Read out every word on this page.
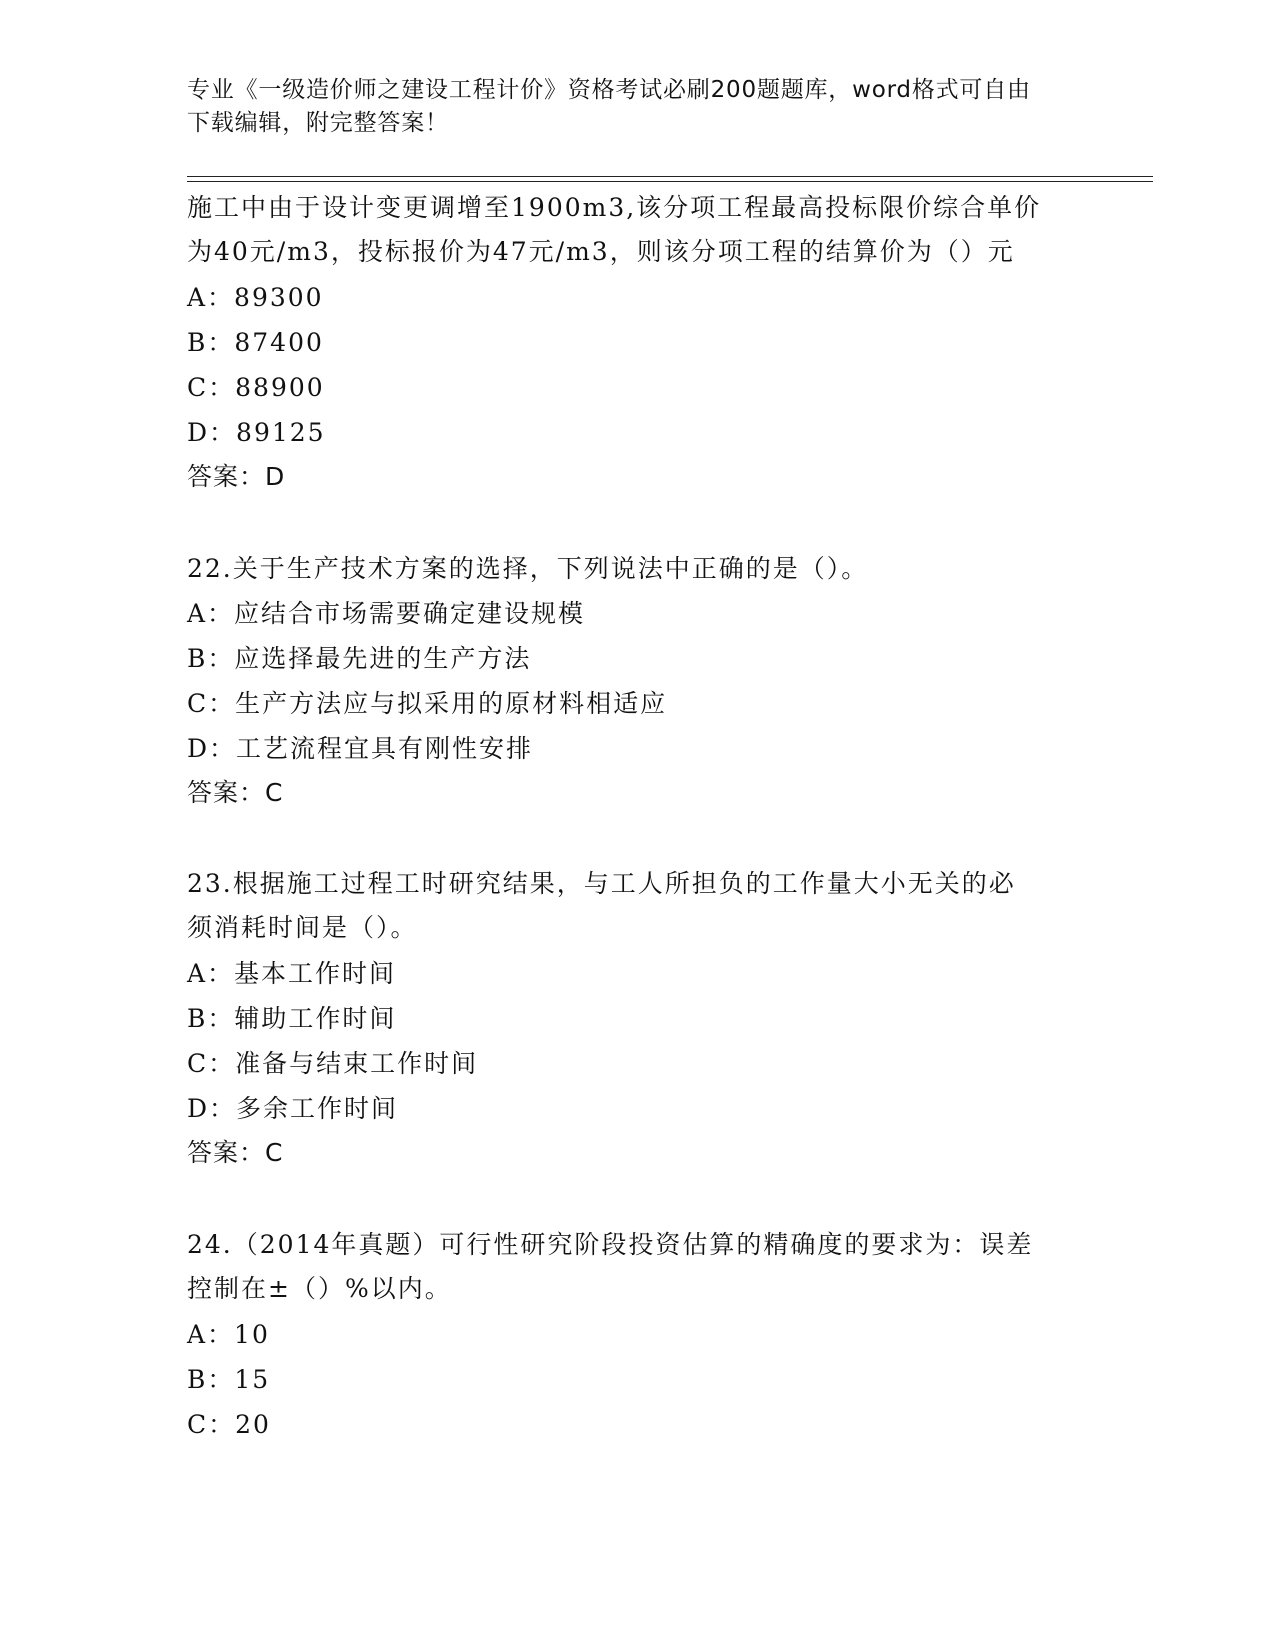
专业《一级造价师之建设工程计价》资格考试必刷200题题库，word格式可自由
下载编辑，附完整答案！
施工中由于设计变更调增至1900m3,该分项工程最高投标限价综合单价
为40元/m3，投标报价为47元/m3，则该分项工程的结算价为（）元
A：89300
B：87400
C：88900
D：89125
答案：D
22.关于生产技术方案的选择，下列说法中正确的是（）。
A：应结合市场需要确定建设规模
B：应选择最先进的生产方法
C：生产方法应与拟采用的原材料相适应
D：工艺流程宜具有刚性安排
答案：C
23.根据施工过程工时研究结果，与工人所担负的工作量大小无关的必
须消耗时间是（）。
A：基本工作时间
B：辅助工作时间
C：准备与结束工作时间
D：多余工作时间
答案：C
24.（2014年真题）可行性研究阶段投资估算的精确度的要求为：误差
控制在±（）%以内。
A：10
B：15
C：20
